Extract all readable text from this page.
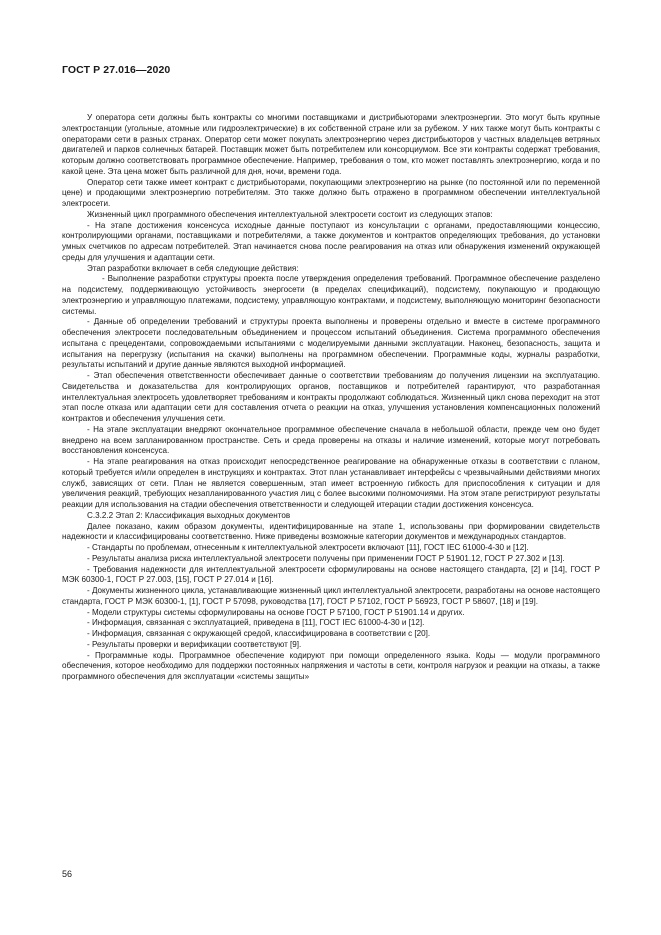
ГОСТ Р 27.016—2020

У оператора сети должны быть контракты со многими поставщиками и дистрибьюторами электроэнергии. Это могут быть крупные электростанции (угольные, атомные или гидроэлектрические) в их собственной стране или за рубежом. У них также могут быть контракты с операторами сети в разных странах. Оператор сети может покупать электроэнергию через дистрибьюторов у частных владельцев ветряных двигателей и парков солнечных батарей. Поставщик может быть потребителем или консорциумом. Все эти контракты содержат требования, которым должно соответствовать программное обеспечение. Например, требования о том, кто может поставлять электроэнергию, когда и по какой цене. Эта цена может быть различной для дня, ночи, времени года.

Оператор сети также имеет контракт с дистрибьюторами, покупающими электроэнергию на рынке (по постоянной или по переменной цене) и продающими электроэнергию потребителям. Это также должно быть отражено в программном обеспечении интеллектуальной электросети.

Жизненный цикл программного обеспечения интеллектуальной электросети состоит из следующих этапов:

- На этапе достижения консенсуса исходные данные поступают из консультации с органами, предоставляющими концессию, контролирующими органами, поставщиками и потребителями, а также документов и контрактов определяющих требования, до установки умных счетчиков по адресам потребителей. Этап начинается снова после реагирования на отказ или обнаружения изменений окружающей среды для улучшения и адаптации сети.

Этап разработки включает в себя следующие действия:

- Выполнение разработки структуры проекта после утверждения определения требований. Программное обеспечение разделено на подсистему, поддерживающую устойчивость энергосети (в пределах спецификаций), подсистему, покупающую и продающую электроэнергию и управляющую платежами, подсистему, управляющую контрактами, и подсистему, выполняющую мониторинг безопасности системы.

- Данные об определении требований и структуры проекта выполнены и проверены отдельно и вместе в системе программного обеспечения электросети последовательным объединением и процессом испытаний объединения. Система программного обеспечения испытана с прецедентами, сопровождаемыми испытаниями с моделируемыми данными эксплуатации. Наконец, безопасность, защита и испытания на перегрузку (испытания на скачки) выполнены на программном обеспечении. Программные коды, журналы разработки, результаты испытаний и другие данные являются выходной информацией.

- Этап обеспечения ответственности обеспечивает данные о соответствии требованиям до получения лицензии на эксплуатацию. Свидетельства и доказательства для контролирующих органов, поставщиков и потребителей гарантируют, что разработанная интеллектуальная электросеть удовлетворяет требованиям и контракты продолжают соблюдаться. Жизненный цикл снова переходит на этот этап после отказа или адаптации сети для составления отчета о реакции на отказ, улучшения установления компенсационных положений контрактов и обеспечения улучшения сети.

- На этапе эксплуатации внедряют окончательное программное обеспечение сначала в небольшой области, прежде чем оно будет внедрено на всем запланированном пространстве. Сеть и среда проверены на отказы и наличие изменений, которые могут потребовать восстановления консенсуса.

- На этапе реагирования на отказ происходит непосредственное реагирование на обнаруженные отказы в соответствии с планом, который требуется и/или определен в инструкциях и контрактах. Этот план устанавливает интерфейсы с чрезвычайными действиями многих служб, зависящих от сети. План не является совершенным, этап имеет встроенную гибкость для приспособления к ситуации и для увеличения реакций, требующих незапланированного участия лиц с более высокими полномочиями. На этом этапе регистрируют результаты реакции для использования на стадии обеспечения ответственности и следующей итерации стадии достижения консенсуса.

С.3.2.2 Этап 2: Классификация выходных документов

Далее показано, каким образом документы, идентифицированные на этапе 1, использованы при формировании свидетельств надежности и классифицированы соответственно. Ниже приведены возможные категории документов и международных стандартов.

- Стандарты по проблемам, отнесенным к интеллектуальной электросети включают [11], ГОСТ IEC 61000-4-30 и [12].

- Результаты анализа риска интеллектуальной электросети получены при применении ГОСТ Р 51901.12, ГОСТ Р 27.302 и [13].

- Требования надежности для интеллектуальной электросети сформулированы на основе настоящего стандарта, [2] и [14], ГОСТ Р МЭК 60300-1, ГОСТ Р 27.003, [15], ГОСТ Р 27.014 и [16].

- Документы жизненного цикла, устанавливающие жизненный цикл интеллектуальной электросети, разработаны на основе настоящего стандарта, ГОСТ Р МЭК 60300-1, [1], ГОСТ Р 57098, руководства [17], ГОСТ Р 57102, ГОСТ Р 56923, ГОСТ Р 58607, [18] и [19].

- Модели структуры системы сформулированы на основе ГОСТ Р 57100, ГОСТ Р 51901.14 и других.

- Информация, связанная с эксплуатацией, приведена в [11], ГОСТ IEC 61000-4-30 и [12].

- Информация, связанная с окружающей средой, классифицирована в соответствии с [20].

- Результаты проверки и верификации соответствуют [9].

- Программные коды. Программное обеспечение кодируют при помощи определенного языка. Коды — модули программного обеспечения, которое необходимо для поддержки постоянных напряжения и частоты в сети, контроля нагрузок и реакции на отказы, а также программного обеспечения для эксплуатации «системы защиты»

56
